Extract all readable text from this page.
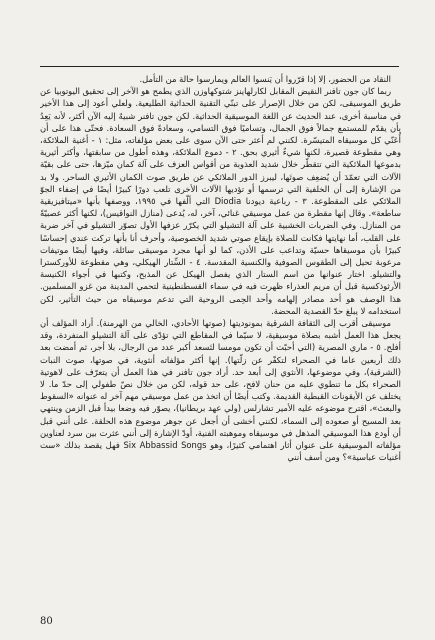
النقاد من الحضور، إلا إذا قرّروا أن يَنسوا العالم ويمارسوا حالة من التأمل.

ربما كان جون تافنر النقيض المقابل لكارلهاينز شتوكهاوزن الذي يطمح هو الآخر إلى تحقيق اليوتوبيا عن طريق الموسيقى، لكن من خلال الإصرار على تبنّي التقنية الحداثية الطليعية. ولعلي أعود إلى هذا الأخير في مناسبة أخرى، عند الحديث عن اللغة الموسيقية الحداثية. لكن جون تافنر شبيهٌ إليه الآن أكثر، لأنه يَعِدُ بأن يقدّم للمستمع جمالاً فوق الجمال، وتساميًا فوق التسامي، وسعادةً فوق السعادة. فحتّى هذا على أن أُعَنّي كل موسيقاه المتيسّرة. لكنني لم أعثر حتى الآن سوى على بعض مؤلفاته، مثل: ١ - أغنية الملائكة، وهي مقطوعة قصيرة، لكنها شيءٌ أثيري بحق. ٢ - دموع الملائكة، وهذه أطول من سابقتها، وأكثر أثيرية بدموعها الملائكية التي تتقطّر خلال شديد العذوبة من أقواس العزف على آلة كمان ميّزها، حتى على بقيّة الآلات التي تعمّدَ أن يُضعِف صوتَها، ليبرز الدور الملائكي عن طريق صوت الكمان الأثيري الساحر. ولا بد من الإشارة إلى أن الخلفية التي ترسمها أو تؤديها الآلات الأخرى تلعب دورًا كبيرًا أيضًا في إضفاء الجوّ الملائكي على المقطوعة. ٣ - رباعية ديودنا Diodia التي ألّفها في ١٩٩٥، ووصفها بأنها «ميتافيزيقية ساطعة». وقال إنها مقطرة من عمل موسيقي غنائي، آخر، له، يُدعى (منازل النواقيس)، لكنها أكثر عصبيّةً من المنازل. وفي الضربات الخشبية على آلة التشيلو التي يكرّر عزفها الأول تصوّر التشيلو في آخر ضربة على القلب، أما نهايتها فكانت للصلاة بإيقاع صوتي شديد الخصوصية، وأحرف أنا بأنها تركت عندي إحساسًا كبيرًا بأن موسيقاها حسيّة وتداعب على الأذن، كما لو أنها مجرد موسيقى سائلة، وفيها أيضًا موتيفات مرعوبة تحيل إلى الطقوس الصوفية والكنسية المقدسة. ٤ - السِّتار الهيكلي، وهي مقطوعة للأوركسترا والتشيلو. اختار عنوانها من اسم الستار الذي يفصل الهيكل عن المذبح، وكتبها في أجواء الكنيسة الأرثوذكسية قبل أن مريم العذراء ظهرت فيه في سماء القسطنطينية لتحمي المدينة من غزو المسلمين. هذا الوصف هو أحد مصادر إلهامه وأحد الحِمى الروحية التي تدعم موسيقاه من حيث التأثير، لكن استخدامه لا يبلغ حدّ القصدية المحضة.

موسيقى أقرب إلى الثقافة الشرقية بمونوديتها (صوتها الأحادي، الخالي من الهرمنة). أراد المؤلف أن يجعل هذا العمل أشبه بصلاة موسيقية، لا سيّما في المقاطع التي تؤدّى على آلة التشيلو المنفردة، وقد أفلح. ٥ - ماري المصرية (التي أحبّت أن تكون مومسا لتَسعد أكبر عدد من الرجال، بلا أجر، ثم أمضت بعد ذلك أربعين عاما في الصحراء لتكفّر عن زلّتها). إنها أكثر مؤلفاته أنثوية، في صوتها، صوت النبات (الشرقية)، وفي موضوعها، الأنثوي إلى أبعد حد. أراد جون تافنر في هذا العمل أن يتعرّف على لاهوتية الصحراء بكل ما تنطوي عليه من حنان لافح، على حد قوله، لكن من خلال نصّ طفولي إلى حدّ ما. لا يختلف عن الأيقونات القبطية القديمة. وكتب أيضًا أن اتخذ من عمل موسيقي مهم آخر له عنوانه «السقوط والبعث»، اقترح موضوعه عليه الأمير تشارلس (ولي عهد بريطانيا)، يصوّر فيه وضعا بيدأ قبل الزمن وينتهي بعد المسيح أو صعوده إلى السماء، لكنني أخشى أن أجعل عن جوهر موضوع هذه الحلقة. على أنني قبل أن أودع هذا الموسيقي المذهل في موسيقاه وموهبته الفنية، أودّ الإشارة إلى أنني عثرت بين سرد لعناوين مؤلفاته الموسيقية على عنوان أثار اهتمامي كثيرًا، وهو Six Abbassid Songs فهل يقصد بذلك «ست أغنيات عباسية»؟ ومن أسف أنني

80
